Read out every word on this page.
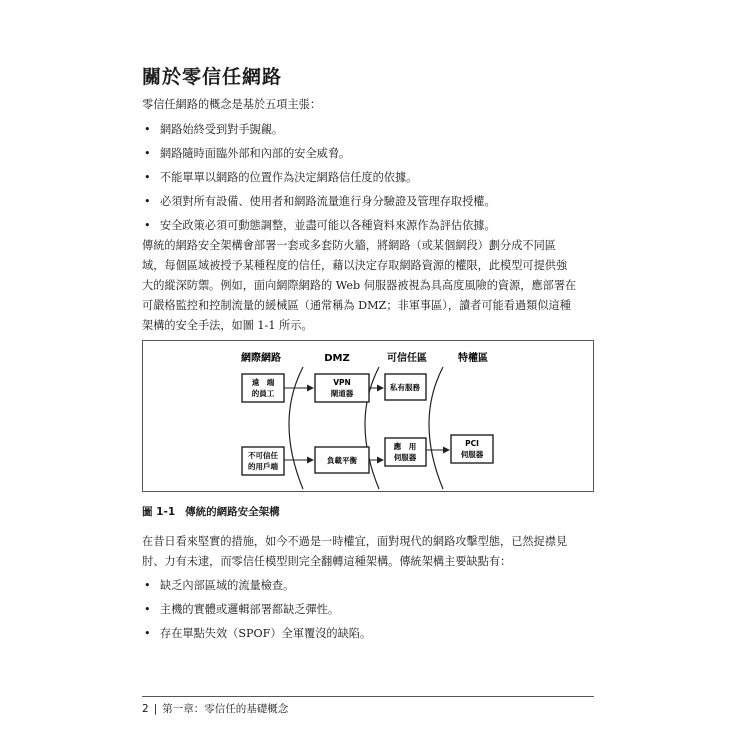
關於零信任網路

零信任網路的概念是基於五項主張：

• 網路始終受到對手覬覦。
• 網路隨時面臨外部和內部的安全威脅。
• 不能單單以網路的位置作為決定網路信任度的依據。
• 必須對所有設備、使用者和網路流量進行身分驗證及管理存取授權。
• 安全政策必須可動態調整，並盡可能以各種資料來源作為評估依據。
傳統的網路安全架構會部署一套或多套防火牆，將網路（或某個網段）劃分成不同區
域，每個區域被授予某種程度的信任，藉以決定存取網路資源的權限，此模型可提供強
大的縱深防禦。例如，面向網際網路的 Web 伺服器被視為具高度風險的資源，應部署在
可嚴格監控和控制流量的緩械區（通常稱為 DMZ；非軍事區），讀者可能看過類似這種
架構的安全手法，如圖 1-1 所示。
網際網路	DMZ	可信任區	特權區
遠　端
的員工
不可信任
的用戶端
VPN
閘道器
負載平衡
私有服務
應　用
伺服器
PCI
伺服器

圖 1-1 傳統的網路安全架構

在昔日看來堅實的措施，如今不過是一時權宜，面對現代的網路攻擊型態，已然捉襟見
肘、力有未逮，而零信任模型則完全翻轉這種架構。傳統架構主要缺點有：
• 缺乏內部區域的流量檢查。
• 主機的實體或邏輯部署都缺乏彈性。
• 存在單點失效（SPOF）全軍覆沒的缺陷。
2 | 第一章：零信任的基礎概念
